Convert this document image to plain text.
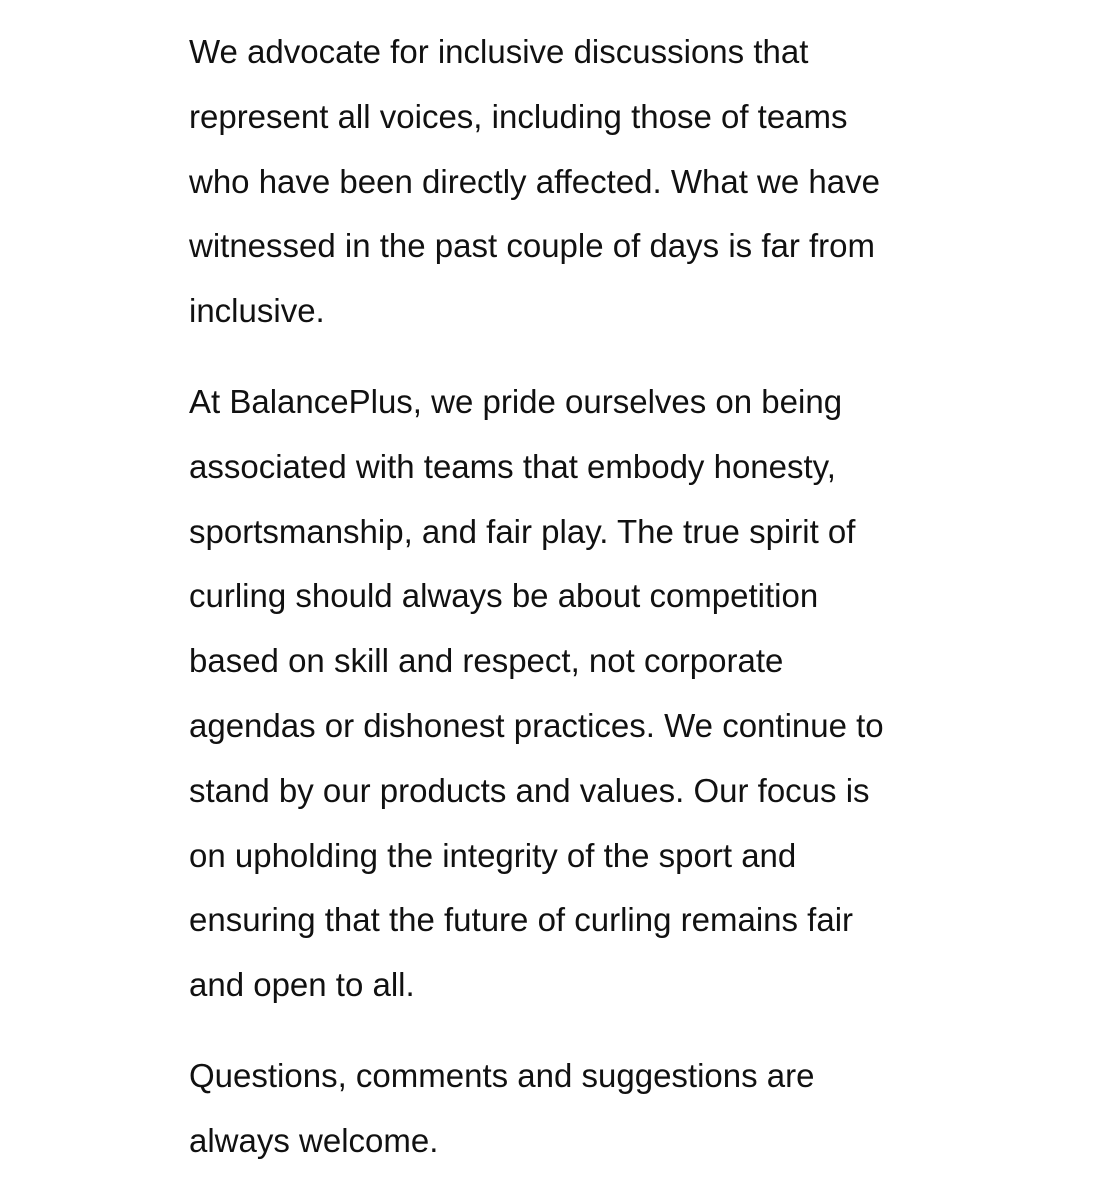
We advocate for inclusive discussions that
represent all voices, including those of teams
who have been directly affected. What we have
witnessed in the past couple of days is far from
inclusive.

At BalancePlus, we pride ourselves on being
associated with teams that embody honesty,
sportsmanship, and fair play. The true spirit of
curling should always be about competition
based on skill and respect, not corporate
agendas or dishonest practices. We continue to
stand by our products and values. Our focus is
on upholding the integrity of the sport and
ensuring that the future of curling remains fair
and open to all.

Questions, comments and suggestions are
always welcome.
